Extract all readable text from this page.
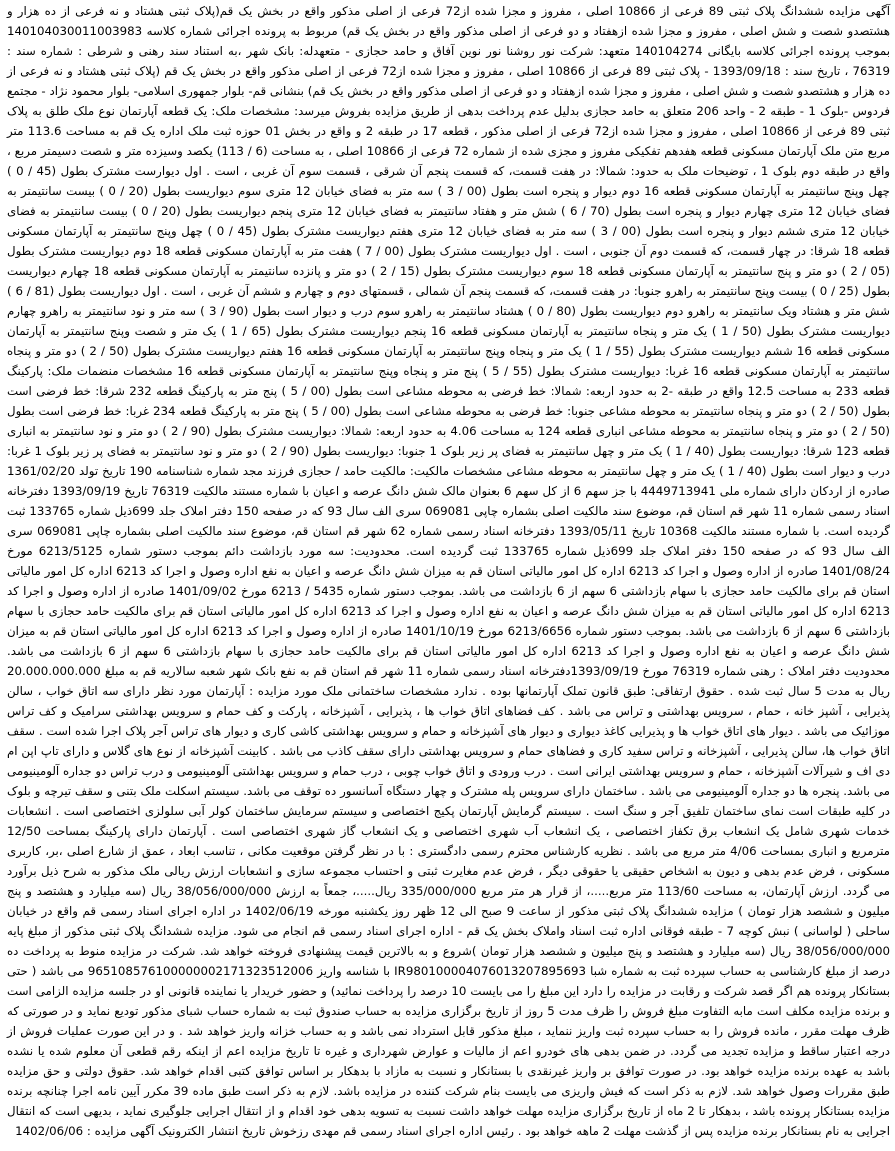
آگهی مزایده ششدانگ پلاک ثبتی 89 فرعی از 10866 اصلی ، مفروز و مجزا شده از72 فرعی از اصلی مذکور واقع در بخش یک قم(پلاک ثبتی هشتاد و نه فرعی از ده هزار و هشتصدو شصت و شش اصلی ، مفروز و مجزا شده ازهفتاد و دو فرعی از اصلی مذکور واقع در بخش یک قم) مربوط به پرونده اجرائی شماره کلاسه 140104030011003983 بموجب پرونده اجرائی کلاسه بایگانی 140104274 متعهد: شرکت نور روشنا نور نوین آفاق و حامد حجازی - متعهدله: بانک شهر ،به استناد سند رهنی و شرطی : شماره سند : 76319 ، تاریخ سند : 1393/09/18 - پلاک ثبتی 89 فرعی از 10866 اصلی ، مفروز و مجزا شده از72 فرعی از اصلی مذکور واقع در بخش یک قم (پلاک ثبتی هشتاد و نه فرعی از ده هزار و هشتصدو شصت و شش اصلی ، مفروز و مجزا شده ازهفتاد و دو فرعی از اصلی مذکور واقع در بخش یک قم) بنشانی قم- بلوار جمهوری اسلامی- بلوار محمود نژاد - مجتمع فردوس -بلوک 1 - طبقه 2 - واحد 206 متعلق به حامد حجازی بدلیل عدم پرداخت بدهی از طریق مزایده بفروش میرسد: مشخصات ملک: یک قطعه آپارتمان نوع ملک طلق به پلاک ثبتی 89 فرعی از 10866 اصلی ، مفروز و مجزا شده از72 فرعی از اصلی مذکور ، قطعه 17 در طبقه 2 و واقع در بخش 01 حوزه ثبت ملک اداره یک قم به مساحت 113.6 متر مربع متن ملک آپارتمان مسکونی قطعه هفدهم تفکیکی مفروز و مجزی شده از شماره 72 فرعی از 10866 اصلی ، به مساحت (6 / 113) یکصد وسیزده متر و شصت دسیمتر مربع ، واقع در طبقه دوم بلوک 1 ، توضیحات ملک به حدود: شمالا: در هفت قسمت، که قسمت پنجم آن شرقی ، قسمت سوم آن غربی ، است . اول دیوارست مشترک بطول (45 / 0 ) چهل وپنج سانتیمتر به آپارتمان مسکونی قطعه 16 دوم دیوار و پنجره است بطول (00 / 3 ) سه متر به فضای خیابان 12 متری سوم دیواریست بطول (20 / 0 ) بیست سانتیمتر به فضای خیابان 12 متری چهارم دیوار و پنجره است بطول (70 / 6 ) شش متر و هفتاد سانتیمتر به فضای خیابان 12 متری پنجم دیواریست بطول (20 / 0 ) بیست سانتیمتر به فضای خیابان 12 متری ششم دیوار و پنجره است بطول (00 / 3 ) سه متر به فضای خیابان 12 متری هفتم دیواریست مشترک بطول (45 / 0 ) چهل وپنج سانتیمتر به آپارتمان مسکونی قطعه 18 شرقا: در چهار قسمت، که قسمت دوم آن جنوبی ، است . اول دیواریست مشترک بطول (00 / 7 ) هفت متر به آپارتمان مسکونی قطعه 18 دوم دیواریست مشترک بطول (05 / 2 ) دو متر و پنج سانتیمتر به آپارتمان مسکونی قطعه 18 سوم دیواریست مشترک بطول (15 / 2 ) دو متر و پانزده سانتیمتر به آپارتمان مسکونی قطعه 18 چهارم دیواریست بطول (25 / 0 ) بیست وپنج سانتیمتر به راهرو جنوبا: در هفت قسمت، که قسمت پنجم آن شمالی ، قسمتهای دوم و چهارم و ششم آن غربی ، است . اول دیواریست بطول (81 / 6 ) شش متر و هشتاد ویک سانتیمتر به راهرو دوم دیواریست بطول (80 / 0 ) هشتاد سانتیمتر به راهرو سوم درب و دیوار است بطول (90 / 3 ) سه متر و نود سانتیمتر به راهرو چهارم دیواریست مشترک بطول (50 / 1 ) یک متر و پنجاه سانتیمتر به آپارتمان مسکونی قطعه 16 پنجم دیواریست مشترک بطول (65 / 1 ) یک متر و شصت وپنج سانتیمتر به آپارتمان مسکونی قطعه 16 ششم دیواریست مشترک بطول (55 / 1 ) یک متر و پنجاه وپنج سانتیمتر به آپارتمان مسکونی قطعه 16 هفتم دیواریست مشترک بطول (50 / 2 ) دو متر و پنجاه سانتیمتر به آپارتمان مسکونی قطعه 16 غربا: دیواریست مشترک بطول (55 / 5 ) پنج متر و پنجاه وپنج سانتیمتر به آپارتمان مسکونی قطعه 16 مشخصات منضمات ملک: پارکینگ قطعه 233 به مساحت 12.5 واقع در طبقه -2 به حدود اربعه: شمالا: خط فرضی به محوطه مشاعی است بطول (00 / 5 ) پنج متر به پارکینگ قطعه 232 شرقا: خط فرضی است بطول (50 / 2 ) دو متر و پنجاه سانتیمتر به محوطه مشاعی جنوبا: خط فرضی به محوطه مشاعی است بطول (00 / 5 ) پنج متر به پارکینگ قطعه 234 غربا: خط فرضی است بطول (50 / 2 ) دو متر و پنجاه سانتیمتر به محوطه مشاعی انباری قطعه 124 به مساحت 4.06 به حدود اربعه: شمالا: دیواریست مشترک بطول (90 / 2 ) دو متر و نود سانتیمتر به انباری قطعه 123 شرقا: دیواریست بطول (40 / 1 ) یک متر و چهل سانتیمتر به فضای پر زیر بلوک 1 جنوبا: دیواریست بطول (90 / 2 ) دو متر و نود سانتیمتر به فضای پر زیر بلوک 1 غربا: درب و دیوار است بطول (40 / 1 ) یک متر و چهل سانتیمتر به محوطه مشاعی مشخصات مالکیت: مالکیت حامد / حجازی فرزند مجد شماره شناسنامه 190 تاریخ تولد 1361/02/20 صادره از اردکان دارای شماره ملی 4449713941 با جز سهم 6 از کل سهم 6 بعنوان مالک شش دانگ عرصه و اعیان با شماره مستند مالکیت 76319 تاریخ 1393/09/19 دفترخانه اسناد رسمی شماره 11 شهر قم استان قم، موضوع سند مالکیت اصلی بشماره چاپی 069081 سری الف سال 93 که در صفحه 150 دفتر املاک جلد 699ذیل شماره 133765 ثبت گردیده است. با شماره مستند مالکیت 10368 تاریخ 1393/05/11 دفترخانه اسناد رسمی شماره 62 شهر قم استان قم، موضوع سند مالکیت اصلی بشماره چاپی 069081 سری الف سال 93 که در صفحه 150 دفتر املاک جلد 699ذیل شماره 133765 ثبت گردیده است. محدودیت: سه مورد بازداشت دائم بموجب دستور شماره 6213/5125 مورخ 1401/08/24 صادره از اداره وصول و اجرا کد 6213 اداره کل امور مالیاتی استان قم به میزان شش دانگ عرصه و اعیان به نفع اداره وصول و اجرا کد 6213 اداره کل امور مالیاتی استان قم برای مالکیت حامد حجازی با سهام بازداشتی 6 سهم از 6 بازداشت می باشد. بموجب دستور شماره 5435 / 6213 مورخ 1401/09/02 صادره از اداره وصول و اجرا کد 6213 اداره کل امور مالیاتی استان قم به میزان شش دانگ عرصه و اعیان به نفع اداره وصول و اجرا کد 6213 اداره کل امور مالیاتی استان قم برای مالکیت حامد حجازی با سهام بازداشتی 6 سهم از 6 بازداشت می باشد. بموجب دستور شماره 6213/6656 مورخ 1401/10/19 صادره از اداره وصول و اجرا کد 6213 اداره کل امور مالیاتی استان قم به میزان شش دانگ عرصه و اعیان به نفع اداره وصول و اجرا کد 6213 اداره کل امور مالیاتی استان قم برای مالکیت حامد حجازی با سهام بازداشتی 6 سهم از 6 بازداشت می باشد. محدودیت دفتر املاک : رهنی شماره 76319 مورخ 1393/09/19دفترخانه اسناد رسمی شماره 11 شهر قم استان قم به نفع بانک شهر شعبه سالاریه قم به مبلغ 20.000.000.000 ریال به مدت 5 سال ثبت شده . حقوق ارتفاقی: طبق قانون تملک آپارتمانها بوده . ندارد مشخصات ساختمانی ملک مورد مزایده : آپارتمان مورد نظر دارای سه اتاق خواب ، سالن پذیرایی ، آشپز خانه ، حمام ، سرویس بهداشتی و تراس می باشد . کف فضاهای اتاق خواب ها ، پذیرایی ، آشپزخانه ، پارکت و کف حمام و سرویس بهداشتی سرامیک و کف تراس موزائیک می باشد . دیوار های اتاق خواب ها و پذیرایی کاغذ دیواری و دیوار های آشپزخانه و حمام و سرویس بهداشتی کاشی کاری و دیوار های تراس آجر پلاک اجرا شده است . سقف اتاق خواب ها، سالن پذیرایی ، آشپزخانه و تراس سفید کاری و فضاهای حمام و سرویس بهداشتی دارای سقف کاذب می باشد . کابینت آشپزخانه از نوع های گلاس و دارای تاپ اپن ام دی اف و شیرآلات آشپزخانه ، حمام و سرویس بهداشتی ایرانی است . درب ورودی و اتاق خواب چوبی ، درب حمام و سرویس بهداشتی آلومینیومی و درب تراس دو جداره آلومینیومی می باشد. پنجره ها دو جداره آلومینیومی می باشد . ساختمان دارای سرویس پله مشترک و چهار دستگاه آسانسور ده توقف می باشد. سیستم اسکلت ملک بتنی و سقف تیرچه و بلوک در کلیه طبقات است نمای ساختمان تلفیق آجر و سنگ است . سیستم گرمایش آپارتمان پکیج اختصاصی و سیستم سرمایش ساختمان کولر آبی سلولزی اختصاصی است . انشعابات خدمات شهری شامل یک انشعاب برق تکفاز اختصاصی ، یک انشعاب آب شهری اختصاصی و یک انشعاب گاز شهری اختصاصی است . آپارتمان دارای پارکینگ بمساحت 12/50 مترمربع و انباری بمساحت 4/06 متر مربع می باشد . نظریه کارشناس محترم رسمی دادگستری : با در نظر گرفتن موقعیت مکانی ، تناسب ابعاد ، عمق از شارع اصلی ،بر، کاربری مسکونی ، فرض عدم بدهی و دیون به اشخاص حقیقی یا حقوقی دیگر ، فرض عدم مغایرت ثبتی و احتساب مجموعه سازی و انشعابات ارزش ریالی ملک مذکور به شرح ذیل برآورد می گردد. ارزش آپارتمان، به مساحت 113/60 متر مربع.....، از قرار هر متر مربع 335/000/000 ریال.....، جمعاً به ارزش 38/056/000/000 ریال (سه میلیارد و هشتصد و پنج میلیون و ششصد هزار تومان ) مزایده ششدانگ پلاک ثبتی مذکور از ساعت 9 صبح الی 12 ظهر روز یکشنبه مورخه 1402/06/19 در اداره اجرای اسناد رسمی قم واقع در خیابان ساحلی ( لواسانی ) نبش کوچه 7 - طبقه فوقانی اداره ثبت اسناد واملاک بخش یک قم - اداره اجرای اسناد رسمی قم انجام می شود. مزایده ششدانگ پلاک ثبتی مذکور از مبلغ پایه 38/056/000/000 ریال (سه میلیارد و هشتصد و پنج میلیون و ششصد هزار تومان )شروع و به بالاترین قیمت پیشنهادی فروخته خواهد شد. شرکت در مزایده منوط به پرداخت ده درصد از مبلغ کارشناسی به حساب سپرده ثبت به شماره شبا IR980100004076013207895693 با شناسه واریز 965108576100000002171323512006 می باشد ( حتی بستانکار پرونده هم اگر قصد شرکت و رقابت در مزایده را دارد این مبلغ را می بایست 10 درصد را پرداخت نمائید) و حضور خریدار یا نماینده قانونی او در جلسه مزایده الزامی است و برنده مزایده مکلف است مابه التفاوت مبلغ فروش را ظرف مدت 5 روز از تاریخ برگزاری مزایده به حساب صندوق ثبت به شماره حساب شبای مذکور تودیع نماید و در صورتی که ظرف مهلت مقرر ، مانده فروش را به حساب سپرده ثبت واریز ننماید ، مبلغ مذکور قابل استرداد نمی باشد و به حساب خزانه واریز خواهد شد . و در این صورت عملیات فروش از درجه اعتبار ساقط و مزایده تجدید می گردد. در ضمن بدهی های خودرو اعم از مالیات و عوارض شهرداری و غیره تا تاریخ مزایده اعم از اینکه رقم قطعی آن معلوم شده یا نشده باشد به عهده برنده مزایده خواهد بود. در صورت توافق بر واریز غیرنقدی با بستانکار و نسبت به مازاد با بدهکار بر اساس توافق کتبی اقدام خواهد شد. حقوق دولتی و حق مزایده طبق مقررات وصول خواهد شد. لازم به ذکر است که فیش واریزی می بایست بنام شرکت کننده در مزایده باشد. لازم به ذکر است طبق ماده 39 مکرر آیین نامه اجرا چنانچه برنده مزایده بستانکار پرونده باشد ، بدهکار تا 2 ماه از تاریخ برگزاری مزایده مهلت خواهد داشت نسبت به تسویه بدهی خود اقدام و از انتقال اجرایی جلوگیری نماید ، بدیهی است که انتقال اجرایی به نام بستانکار برنده مزایده پس از گذشت مهلت 2 ماهه خواهد بود . رئیس اداره اجرای اسناد رسمی قم مهدی رزخوش تاریخ انتشار الکترونیک آگهی مزایده : 1402/06/06
